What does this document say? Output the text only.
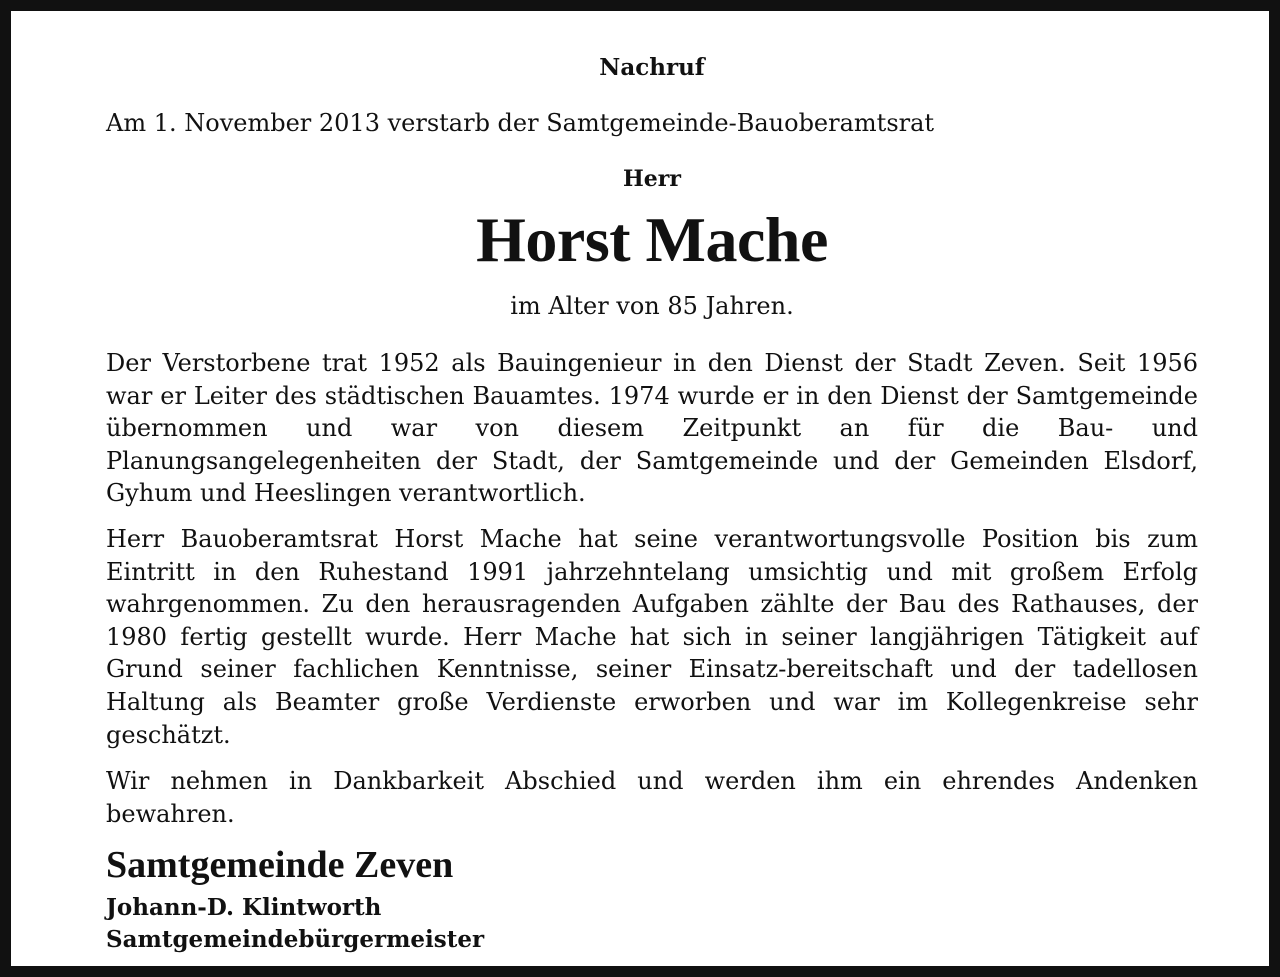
Nachruf
Am 1. November 2013 verstarb der Samtgemeinde-Bauoberamtsrat
Herr
Horst Mache
im Alter von 85 Jahren.
Der Verstorbene trat 1952 als Bauingenieur in den Dienst der Stadt Zeven. Seit 1956 war er Leiter des städtischen Bauamtes. 1974 wurde er in den Dienst der Samtgemeinde übernommen und war von diesem Zeitpunkt an für die Bau- und Planungsangelegenheiten der Stadt, der Samtgemeinde und der Gemeinden Elsdorf, Gyhum und Heeslingen verantwortlich.
Herr Bauoberamtsrat Horst Mache hat seine verantwortungsvolle Position bis zum Eintritt in den Ruhestand 1991 jahrzehntelang umsichtig und mit großem Erfolg wahrgenommen. Zu den herausragenden Aufgaben zählte der Bau des Rathauses, der 1980 fertig gestellt wurde. Herr Mache hat sich in seiner langjährigen Tätigkeit auf Grund seiner fachlichen Kenntnisse, seiner Einsatz-bereitschaft und der tadellosen Haltung als Beamter große Verdienste erworben und war im Kollegenkreise sehr geschätzt.
Wir nehmen in Dankbarkeit Abschied und werden ihm ein ehrendes Andenken bewahren.
Samtgemeinde Zeven
Johann-D. Klintworth
Samtgemeindebürgermeister
